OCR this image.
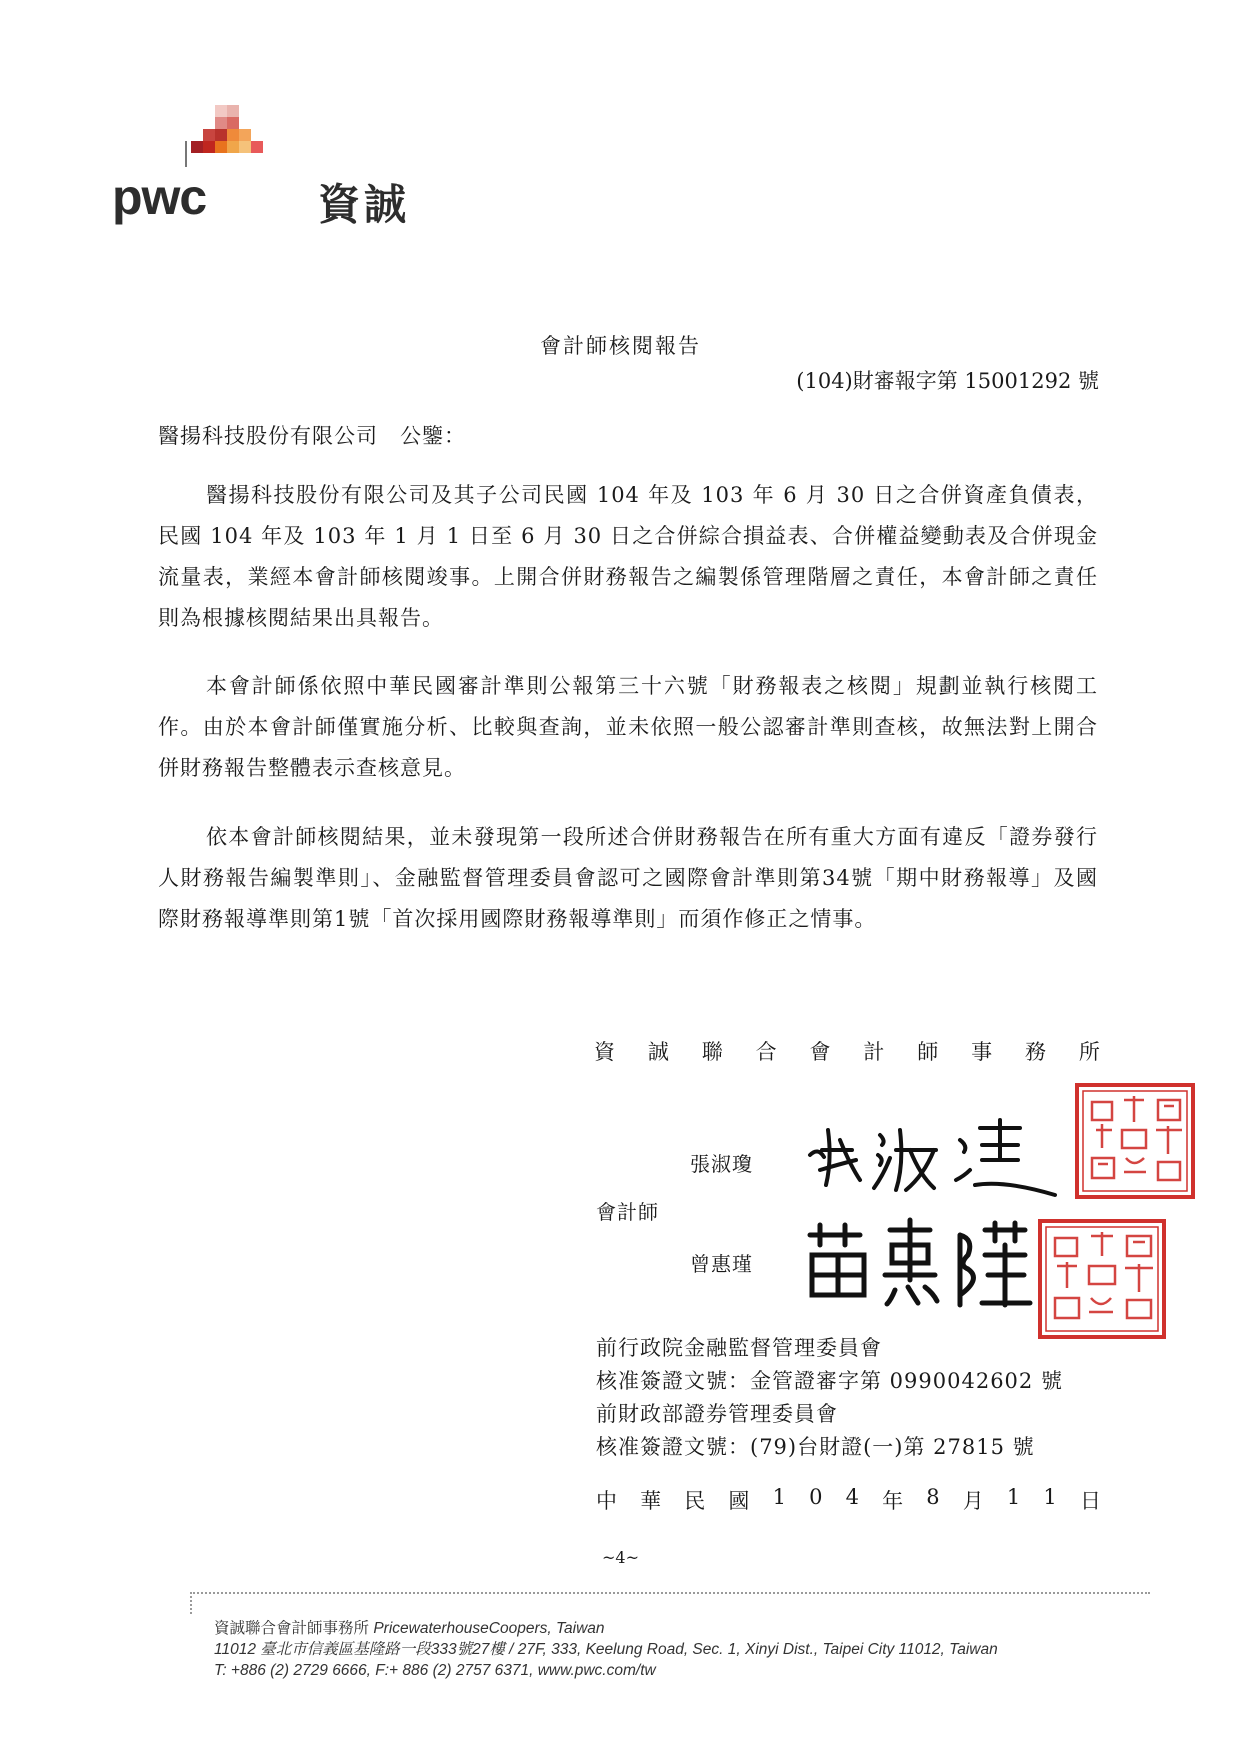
pwc	資誠
會計師核閱報告
(104)財審報字第 15001292 號
醫揚科技股份有限公司　公鑒：
醫揚科技股份有限公司及其子公司民國 104 年及 103 年 6 月 30 日之合併資產負債表，民國 104 年及 103 年 1 月 1 日至 6 月 30 日之合併綜合損益表、合併權益變動表及合併現金流量表，業經本會計師核閱竣事。上開合併財務報告之編製係管理階層之責任，本會計師之責任則為根據核閱結果出具報告。
本會計師係依照中華民國審計準則公報第三十六號「財務報表之核閱」規劃並執行核閱工作。由於本會計師僅實施分析、比較與查詢，並未依照一般公認審計準則查核，故無法對上開合併財務報告整體表示查核意見。
依本會計師核閱結果，並未發現第一段所述合併財務報告在所有重大方面有違反「證券發行人財務報告編製準則」、金融監督管理委員會認可之國際會計準則第34號「期中財務報導」及國際財務報導準則第1號「首次採用國際財務報導準則」而須作修正之情事。
資 誠 聯 合 會 計 師 事 務 所
張淑瓊
會計師
曾惠瑾
前行政院金融監督管理委員會
核准簽證文號：金管證審字第 0990042602 號
前財政部證券管理委員會
核准簽證文號：(79)台財證(一)第 27815 號
中 華 民 國 1 0 4 年 8 月 1 1 日
~4~
資誠聯合會計師事務所 PricewaterhouseCoopers, Taiwan
11012 臺北市信義區基隆路一段333號27樓 / 27F, 333, Keelung Road, Sec. 1, Xinyi Dist., Taipei City 11012, Taiwan
T: +886 (2) 2729 6666, F:+ 886 (2) 2757 6371, www.pwc.com/tw
